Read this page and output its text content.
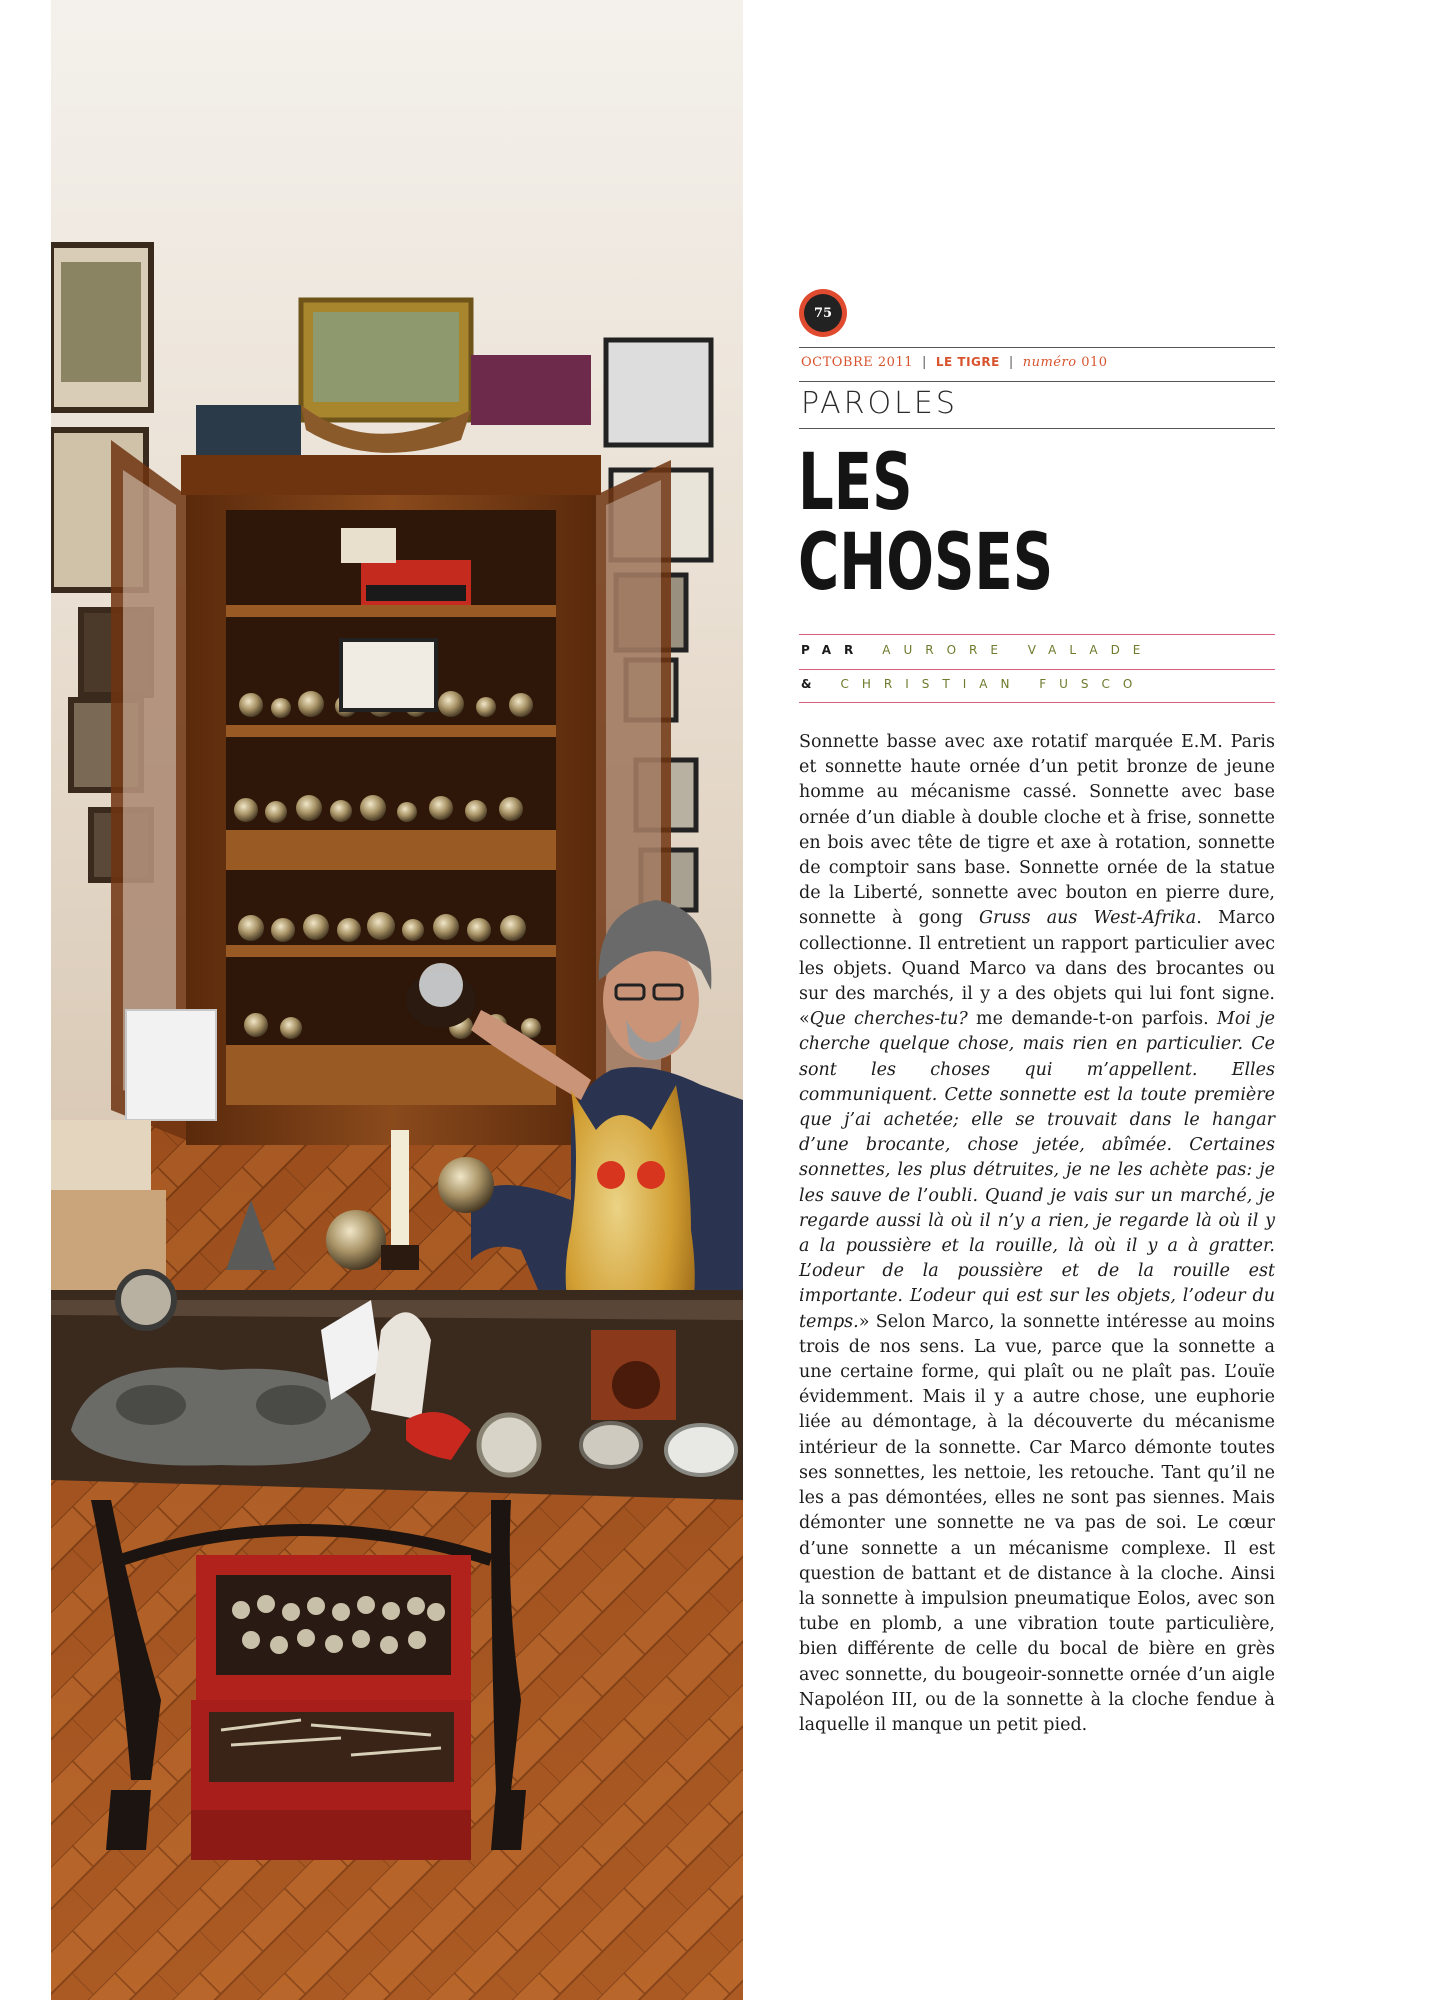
75
OCTOBRE 2011 | LE TIGRE | numéro 010
PAROLES
LES
CHOSES
PAR AURORE VALADE
& CHRISTIAN FUSCO

Sonnette basse avec axe rotatif marquée E.M. Paris et sonnette haute ornée d’un petit bronze de jeune homme au mécanisme cassé. Sonnette avec base ornée d’un diable à double cloche et à frise, sonnette en bois avec tête de tigre et axe à rotation, sonnette de comptoir sans base. Sonnette ornée de la statue de la Liberté, sonnette avec bouton en pierre dure, sonnette à gong Gruss aus West-Afrika. Marco collectionne. Il entretient un rapport particulier avec les objets. Quand Marco va dans des brocantes ou sur des marchés, il y a des objets qui lui font signe. «Que cherches-tu? me demande-t-on parfois. Moi je cherche quelque chose, mais rien en particulier. Ce sont les choses qui m’appellent. Elles communiquent. Cette sonnette est la toute première que j’ai achetée; elle se trouvait dans le hangar d’une brocante, chose jetée, abîmée. Certaines sonnettes, les plus détruites, je ne les achète pas: je les sauve de l’oubli. Quand je vais sur un marché, je regarde aussi là où il n’y a rien, je regarde là où il y a la poussière et la rouille, là où il y a à gratter. L’odeur de la poussière et de la rouille est importante. L’odeur qui est sur les objets, l’odeur du temps.» Selon Marco, la sonnette intéresse au moins trois de nos sens. La vue, parce que la sonnette a une certaine forme, qui plaît ou ne plaît pas. L’ouïe évidemment. Mais il y a autre chose, une euphorie liée au démontage, à la découverte du mécanisme intérieur de la sonnette. Car Marco démonte toutes ses sonnettes, les nettoie, les retouche. Tant qu’il ne les a pas démontées, elles ne sont pas siennes. Mais démonter une sonnette ne va pas de soi. Le cœur d’une sonnette a un mécanisme complexe. Il est question de battant et de distance à la cloche. Ainsi la sonnette à impulsion pneumatique Eolos, avec son tube en plomb, a une vibration toute particulière, bien différente de celle du bocal de bière en grès avec sonnette, du bougeoir-sonnette ornée d’un aigle Napoléon III, ou de la sonnette à la cloche fendue à laquelle il manque un petit pied.
